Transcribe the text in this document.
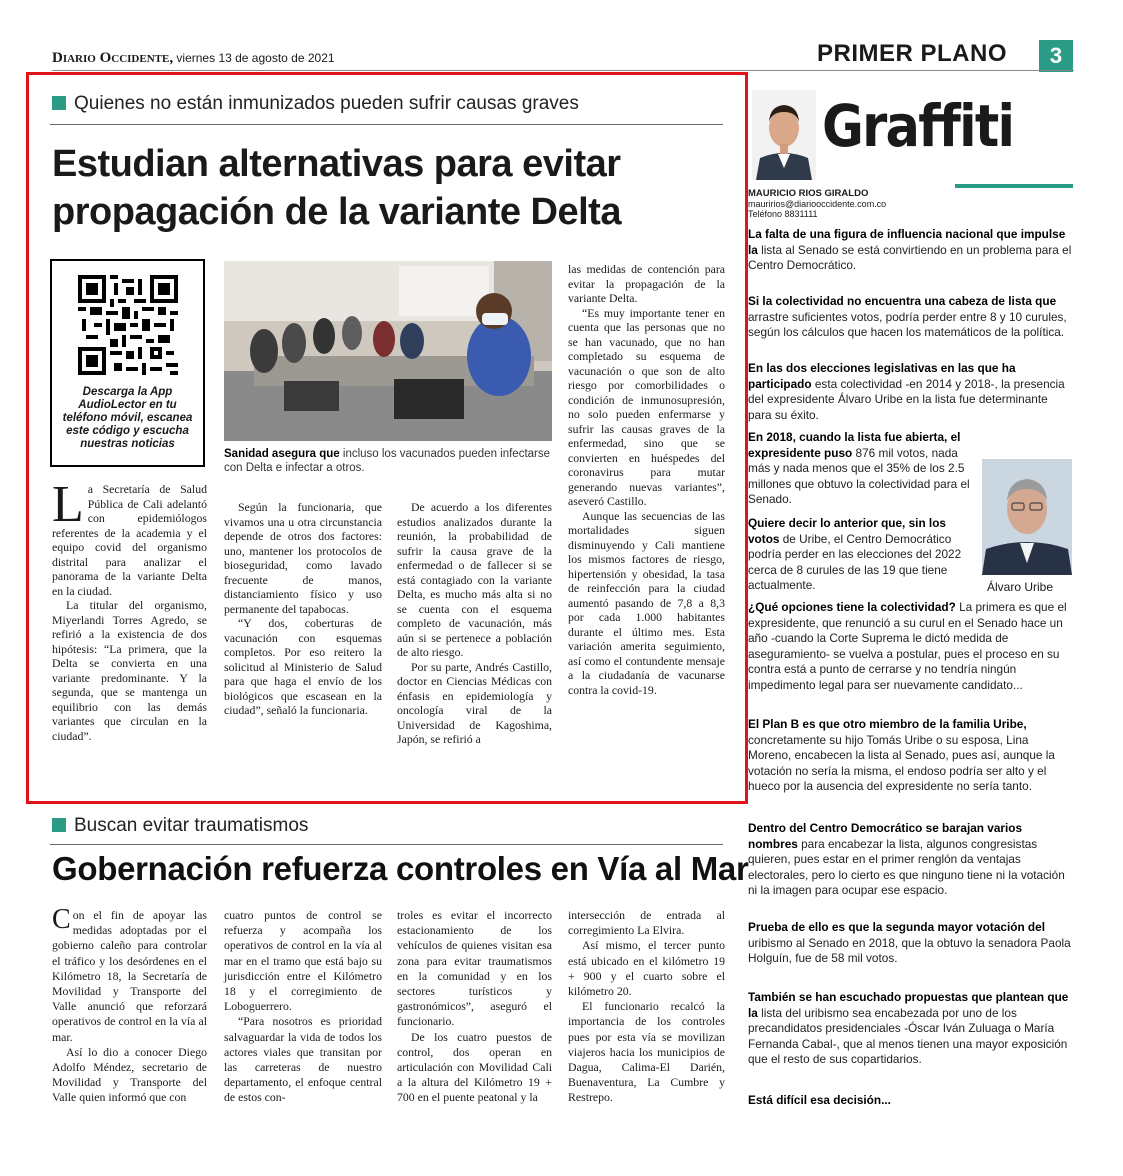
Diario Occidente, viernes 13 de agosto de 2021	PRIMER PLANO	3
Quienes no están inmunizados pueden sufrir causas graves
Estudian alternativas para evitar
propagación de la variante Delta
Descarga la App AudioLector en tu teléfono móvil, escanea este código y escucha nuestras noticias
Sanidad asegura que incluso los vacunados pueden infectarse con Delta e infectar a otros.

La Secretaría de Salud Pública de Cali adelantó con epidemiólogos referentes de la academia y el equipo covid del organismo distrital para analizar el panorama de la variante Delta en la ciudad.

La titular del organismo, Miyerlandi Torres Agredo, se refirió a la existencia de dos hipótesis: “La primera, que la Delta se convierta en una variante predominante. Y la segunda, que se mantenga un equilibrio con las demás variantes que circulan en la ciudad”.

Según la funcionaria, que vivamos una u otra circunstancia depende de otros dos factores: uno, mantener los protocolos de bioseguridad, como lavado frecuente de manos, distanciamiento físico y uso permanente del tapabocas.

“Y dos, coberturas de vacunación con esquemas completos. Por eso reitero la solicitud al Ministerio de Salud para que haga el envío de los biológicos que escasean en la ciudad”, señaló la funcionaria.

De acuerdo a los diferentes estudios analizados durante la reunión, la probabilidad de sufrir la causa grave de la enfermedad o de fallecer si se está contagiado con la variante Delta, es mucho más alta si no se cuenta con el esquema completo de vacunación, más aún si se pertenece a población de alto riesgo.

Por su parte, Andrés Castillo, doctor en Ciencias Médicas con énfasis en epidemiología y oncología viral de la Universidad de Kagoshima, Japón, se refirió a

las medidas de contención para evitar la propagación de la variante Delta.

“Es muy importante tener en cuenta que las personas que no se han vacunado, que no han completado su esquema de vacunación o que son de alto riesgo por comorbilidades o condición de inmunosupresión, no solo pueden enfermarse y sufrir las causas graves de la enfermedad, sino que se convierten en huéspedes del coronavirus para mutar generando nuevas variantes”, aseveró Castillo.

Aunque las secuencias de las mortalidades siguen disminuyendo y Cali mantiene los mismos factores de riesgo, hipertensión y obesidad, la tasa de reinfección para la ciudad aumentó pasando de 7,8 a 8,3 por cada 1.000 habitantes durante el último mes. Esta variación amerita seguimiento, así como el contundente mensaje a la ciudadanía de vacunarse contra la covid-19.

Buscan evitar traumatismos
Gobernación refuerza controles en Vía al Mar

Con el fin de apoyar las medidas adoptadas por el gobierno caleño para controlar el tráfico y los desórdenes en el Kilómetro 18, la Secretaría de Movilidad y Transporte del Valle anunció que reforzará operativos de control en la vía al mar.

Así lo dio a conocer Diego Adolfo Méndez, secretario de Movilidad y Transporte del Valle quien informó que con

cuatro puntos de control se refuerza y acompaña los operativos de control en la vía al mar en el tramo que está bajo su jurisdicción entre el Kilómetro 18 y el corregimiento de Loboguerrero.

“Para nosotros es prioridad salvaguardar la vida de todos los actores viales que transitan por las carreteras de nuestro departamento, el enfoque central de estos con-

troles es evitar el incorrecto estacionamiento de los vehículos de quienes visitan esa zona para evitar traumatismos en la comunidad y en los sectores turísticos y gastronómicos”, aseguró el funcionario.

De los cuatro puestos de control, dos operan en articulación con Movilidad Cali a la altura del Kilómetro 19 + 700 en el puente peatonal y la

intersección de entrada al corregimiento La Elvira.

Así mismo, el tercer punto está ubicado en el kilómetro 19 + 900 y el cuarto sobre el kilómetro 20.

El funcionario recalcó la importancia de los controles pues por esta vía se movilizan viajeros hacia los municipios de Dagua, Calima-El Darién, Buenaventura, La Cumbre y Restrepo.

Graffiti
MAURICIO RIOS GIRALDO
mauririos@diariooccidente.com.co
Teléfono 8831111

La falta de una figura de influencia nacional que impulse la lista al Senado se está convirtiendo en un problema para el Centro Democrático.

Si la colectividad no encuentra una cabeza de lista que arrastre suficientes votos, podría perder entre 8 y 10 curules, según los cálculos que hacen los matemáticos de la política.

En las dos elecciones legislativas en las que ha participado esta colectividad -en 2014 y 2018-, la presencia del expresidente Álvaro Uribe en la lista fue determinante para su éxito.

En 2018, cuando la lista fue abierta, el expresidente puso 876 mil votos, nada más y nada menos que el 35% de los 2.5 millones que obtuvo la colectividad para el Senado.

Quiere decir lo anterior que, sin los votos de Uribe, el Centro Democrático podría perder en las elecciones del 2022 cerca de 8 curules de las 19 que tiene actualmente.	Álvaro Uribe

¿Qué opciones tiene la colectividad? La primera es que el expresidente, que renunció a su curul en el Senado hace un año -cuando la Corte Suprema le dictó medida de aseguramiento- se vuelva a postular, pues el proceso en su contra está a punto de cerrarse y no tendría ningún impedimento legal para ser nuevamente candidato...

El Plan B es que otro miembro de la familia Uribe, concretamente su hijo Tomás Uribe o su esposa, Lina Moreno, encabecen la lista al Senado, pues así, aunque la votación no sería la misma, el endoso podría ser alto y el hueco por la ausencia del expresidente no sería tanto.

Dentro del Centro Democrático se barajan varios nombres para encabezar la lista, algunos congresistas quieren, pues estar en el primer renglón da ventajas electorales, pero lo cierto es que ninguno tiene ni la votación ni la imagen para ocupar ese espacio.

Prueba de ello es que la segunda mayor votación del uribismo al Senado en 2018, que la obtuvo la senadora Paola Holguín, fue de 58 mil votos.

También se han escuchado propuestas que plantean que la lista del uribismo sea encabezada por uno de los precandidatos presidenciales -Óscar Iván Zuluaga o María Fernanda Cabal-, que al menos tienen una mayor exposición que el resto de sus copartidarios.

Está difícil esa decisión...
